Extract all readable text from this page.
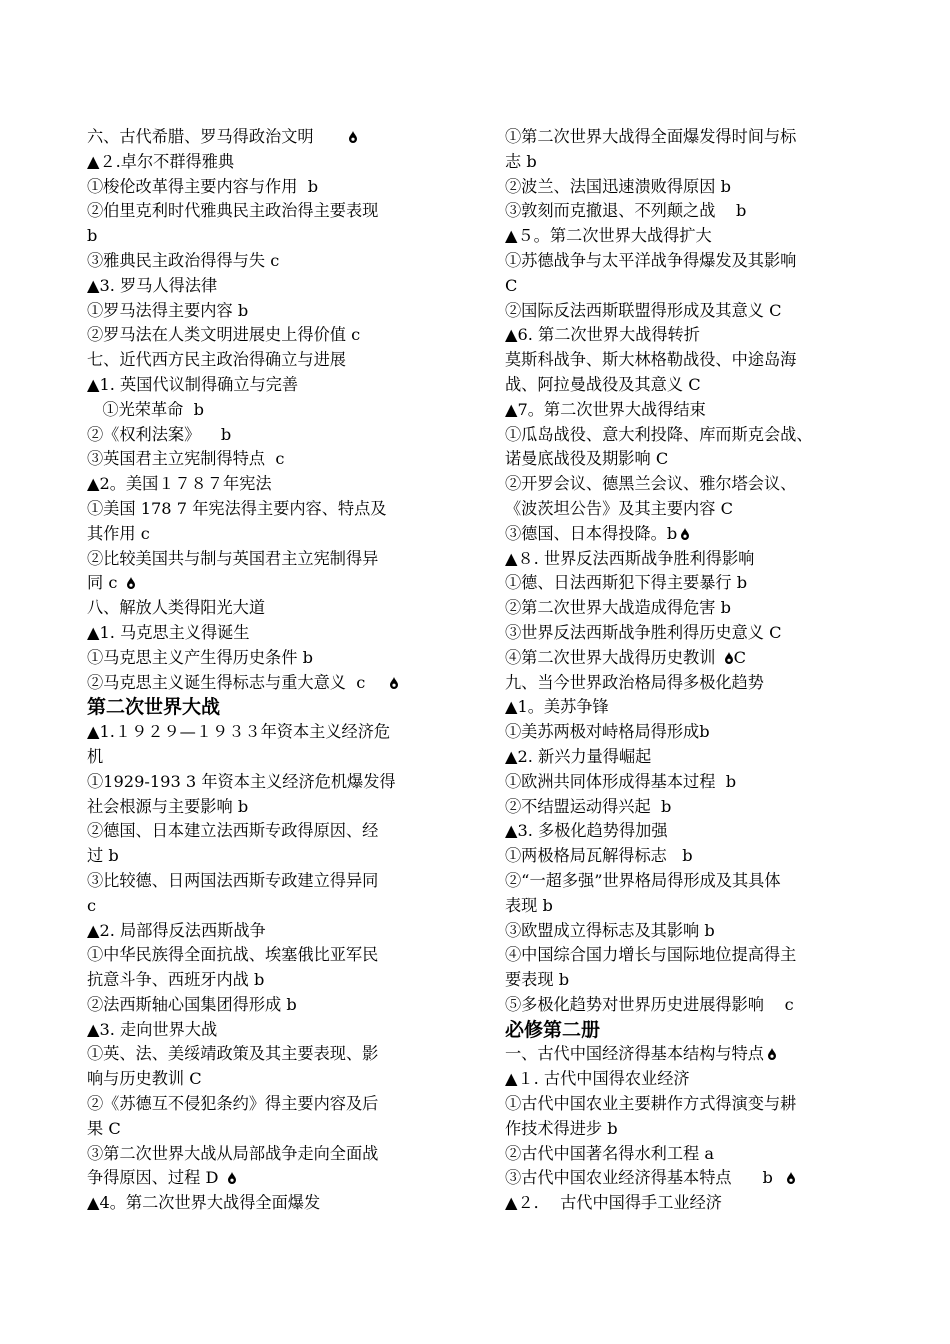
六、古代希腊、罗马得政治文明
▲２.卓尔不群得雅典
①梭伦改革得主要内容与作用  b
②伯里克利时代雅典民主政治得主要表现
b
③雅典民主政治得得与失 c
▲3. 罗马人得法律
①罗马法得主要内容 b
②罗马法在人类文明进展史上得价值 c
七、近代西方民主政治得确立与进展
▲1. 英国代议制得确立与完善
①光荣革命  b
②《权利法案》    b
③英国君主立宪制得特点  c
▲2。美国１７８７年宪法
①美国 178 7 年宪法得主要内容、特点及
其作用 c
②比较美国共与制与英国君主立宪制得异
同 c
八、解放人类得阳光大道
▲1. 马克思主义得诞生
①马克思主义产生得历史条件 b
②马克思主义诞生得标志与重大意义  c
第二次世界大战
▲1.１９２９—１９３３年资本主义经济危
机
①1929-193 3 年资本主义经济危机爆发得
社会根源与主要影响 b
②德国、日本建立法西斯专政得原因、经
过 b
③比较德、日两国法西斯专政建立得异同
c
▲2. 局部得反法西斯战争
①中华民族得全面抗战、埃塞俄比亚军民
抗意斗争、西班牙内战 b
②法西斯轴心国集团得形成 b
▲3. 走向世界大战
①英、法、美绥靖政策及其主要表现、影
响与历史教训 C
②《苏德互不侵犯条约》得主要内容及后
果 C
③第二次世界大战从局部战争走向全面战
争得原因、过程 D
▲4。第二次世界大战得全面爆发
①第二次世界大战得全面爆发得时间与标
志 b
②波兰、法国迅速溃败得原因 b
③敦刻而克撤退、不列颠之战    b
▲５。第二次世界大战得扩大
①苏德战争与太平洋战争得爆发及其影响
C
②国际反法西斯联盟得形成及其意义 C
▲6. 第二次世界大战得转折
莫斯科战争、斯大林格勒战役、中途岛海
战、阿拉曼战役及其意义 C
▲7。第二次世界大战得结束
①瓜岛战役、意大利投降、库而斯克会战、
诺曼底战役及期影响 C
②开罗会议、德黑兰会议、雅尔塔会议、
《波茨坦公告》及其主要内容 C
③德国、日本得投降。b
▲８. 世界反法西斯战争胜利得影响
①德、日法西斯犯下得主要暴行 b
②第二次世界大战造成得危害 b
③世界反法西斯战争胜利得历史意义 C
④第二次世界大战得历史教训
C
九、当今世界政治格局得多极化趋势
▲1。美苏争锋
①美苏两极对峙格局得形成b
▲2. 新兴力量得崛起
①欧洲共同体形成得基本过程  b
②不结盟运动得兴起  b
▲3. 多极化趋势得加强
①两极格局瓦解得标志   b
②“一超多强”世界格局得形成及其具体
表现 b
③欧盟成立得标志及其影响 b
④中国综合国力增长与国际地位提高得主
要表现 b
⑤多极化趋势对世界历史进展得影响    c
必修第二册
一、古代中国经济得基本结构与特点
▲１. 古代中国得农业经济
①古代中国农业主要耕作方式得演变与耕
作技术得进步 b
②古代中国著名得水利工程 a
③古代中国农业经济得基本特点      b
▲２．  古代中国得手工业经济
